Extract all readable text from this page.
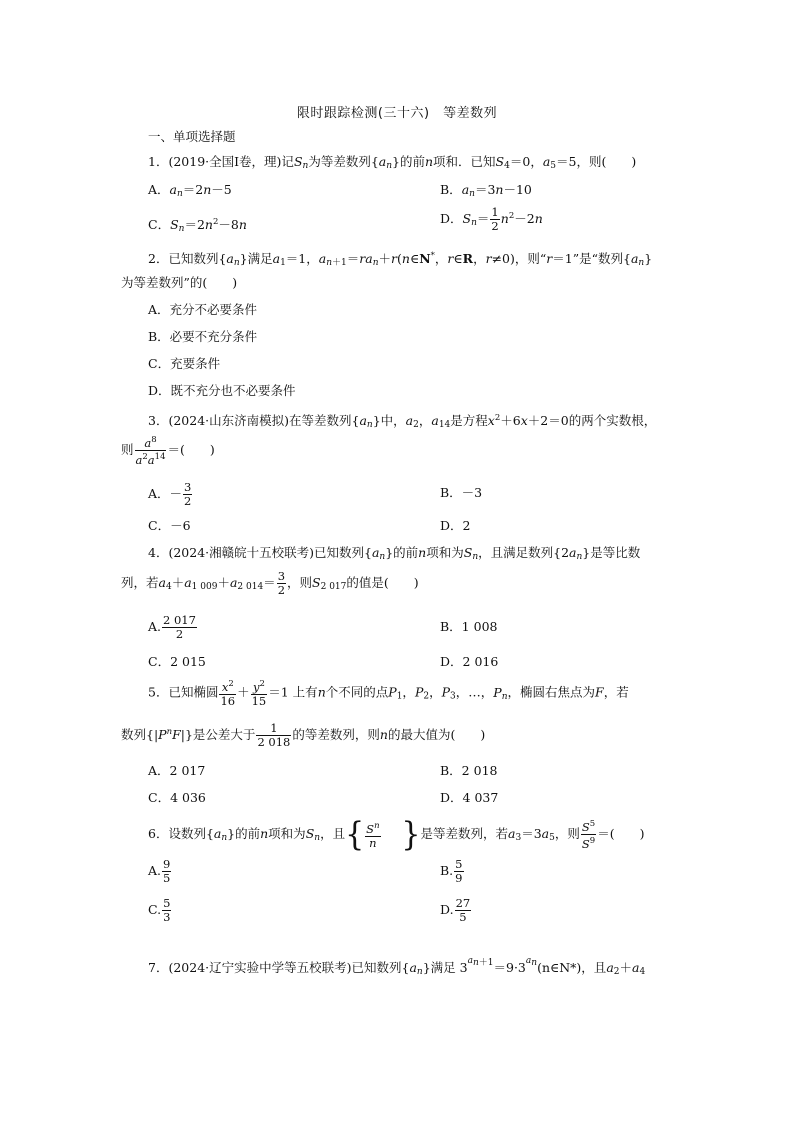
限时跟踪检测(三十六)　等差数列
一、单项选择题
1．(2019·全国Ⅰ卷，理)记$S_n$为等差数列$\{a_n\}$的前n项和．已知$S_4=0$，$a_5=5$，则(　　)
A．$a_n=2n-5$	B．$a_n=3n-10$
C．$S_n=2n^2-8n$	D．$S_n= \frac{1}{2} n^2-2n$
2．已知数列$\{a_n\}$满足$a_1=1$，$a_{n+1}=ra_n+r(n\in N^*$，r∈R，r≠0)，则“r＝1”是“数列$\{a_n\}$
为等差数列”的(　　)
A．充分不必要条件
B．必要不充分条件
C．充要条件
D．既不充分也不必要条件
3．(2024·山东济南模拟)在等差数列$\{a_n\}$中，$a_2$，$a_{14}$是方程$x^2+6x+2=0$的两个实数根，
则 $\frac{a^8}{a^2a^{14}}$ ＝(　　)
A．－ $\frac{3}{2}$	B．－3
C．－6	D．2
4．(2024·湘赣皖十五校联考)已知数列$\{a_n\}$的前n项和为$S_n$，且满足数列$\{2a_n\}$是等比数
列，若$a_4+a_{1 009}+a_{2 014}= \frac{3}{2}$ ，则$S_{2 017}$的值是(　　)
A. $\frac{2 017}{2}$	B．1 008
C．2 015	D．2 016
5．已知椭圆 $\frac{x^2}{16} + \frac{y^2}{15} =1$ 上有n个不同的点$P_1$，$P_2$，$P_3$，…，$P_n$，椭圆右焦点为F，若
数列$\{|P^nF|\}$是公差大于 $\frac{1}{2 018}$ 的等差数列，则n的最大值为(　　)
A．2 017	B．2 018
C．4 036	D．4 037
6．设数列$\{a_n\}$的前n项和为$S_n$，且{ $\frac{S^n}{n}$ }是等差数列，若$a_3=3a_5$，则 $\frac{S^5}{S^9}$ ＝(　　)
A. $\frac{9}{5}$	B. $\frac{5}{9}$
C. $\frac{5}{3}$	D. $\frac{27}{5}$
7．(2024·辽宁实验中学等五校联考)已知数列$\{a_n\}$满足 $3^{a_{n+1}}=9\cdot 3^{a_n}(n\in N*)$，且$a_2+a_4$
